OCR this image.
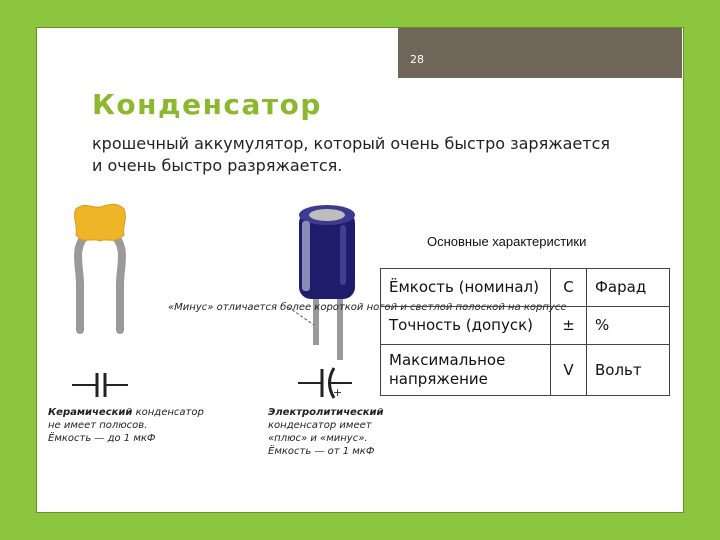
28
Конденсатор
крошечный аккумулятор, который очень быстро заряжается и очень быстро разряжается.
«Минус» отличается более короткой ногой и светлой полоской на корпусе
+
Керамический конденсатор
не имеет полюсов.
Ёмкость — до 1 мкФ
Электролитический
конденсатор имеет
«плюс» и «минус».
Ёмкость — от 1 мкФ
Основные характеристики
Ёмкость (номинал)	C	Фарад
Точность (допуск)	±	%
Максимальное напряжение	V	Вольт
